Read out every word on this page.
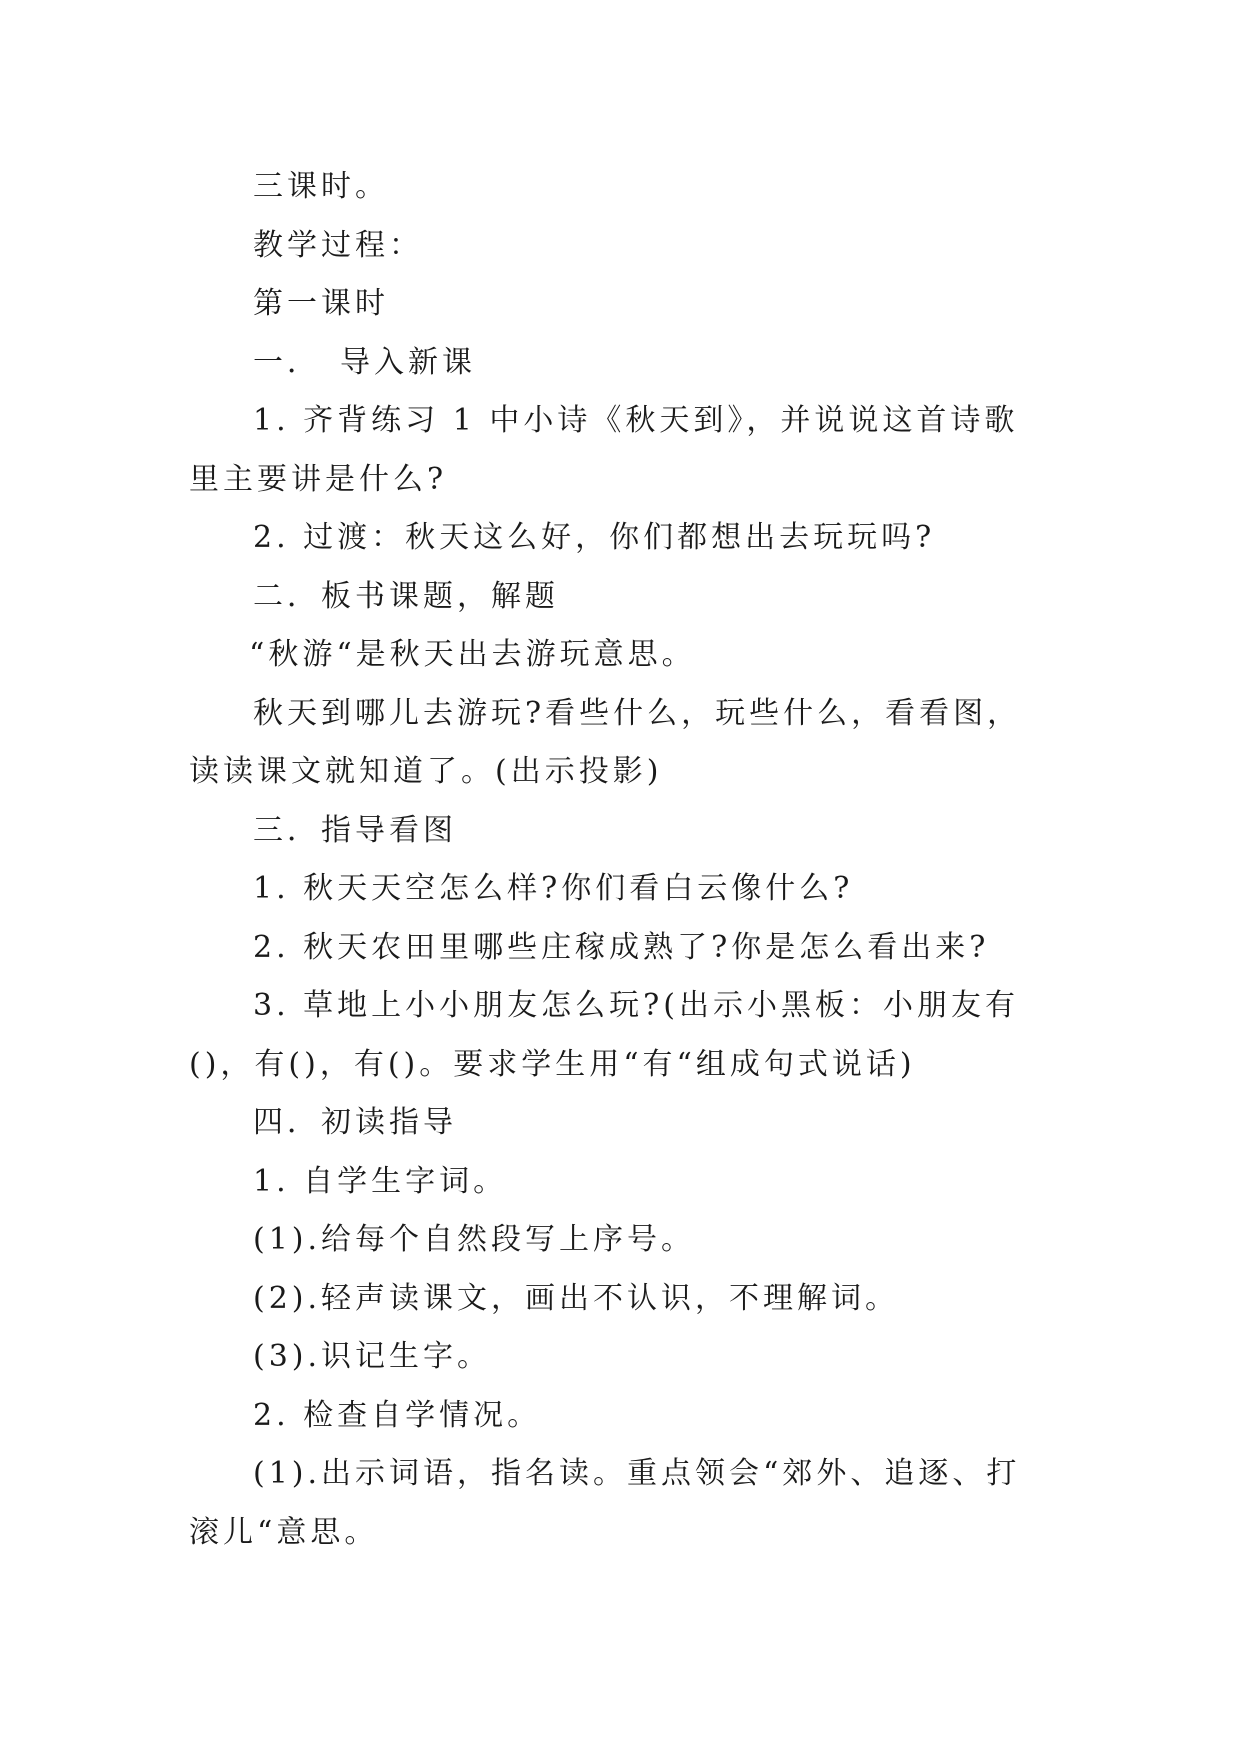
三课时。

教学过程：

第一课时

一．　导入新课

1. 齐背练习 1 中小诗《秋天到》，并说说这首诗歌里主要讲是什么?

2. 过渡：秋天这么好，你们都想出去玩玩吗?

二．板书课题，解题

“秋游“是秋天出去游玩意思。

秋天到哪儿去游玩?看些什么，玩些什么，看看图，读读课文就知道了。(出示投影)

三．指导看图

1. 秋天天空怎么样?你们看白云像什么?

2. 秋天农田里哪些庄稼成熟了?你是怎么看出来?

3. 草地上小小朋友怎么玩?(出示小黑板：小朋友有()，有()，有()。要求学生用“有“组成句式说话)

四．初读指导

1. 自学生字词。

(1).给每个自然段写上序号。

(2).轻声读课文，画出不认识，不理解词。

(3).识记生字。

2. 检查自学情况。

(1).出示词语，指名读。重点领会“郊外、追逐、打滚儿“意思。
